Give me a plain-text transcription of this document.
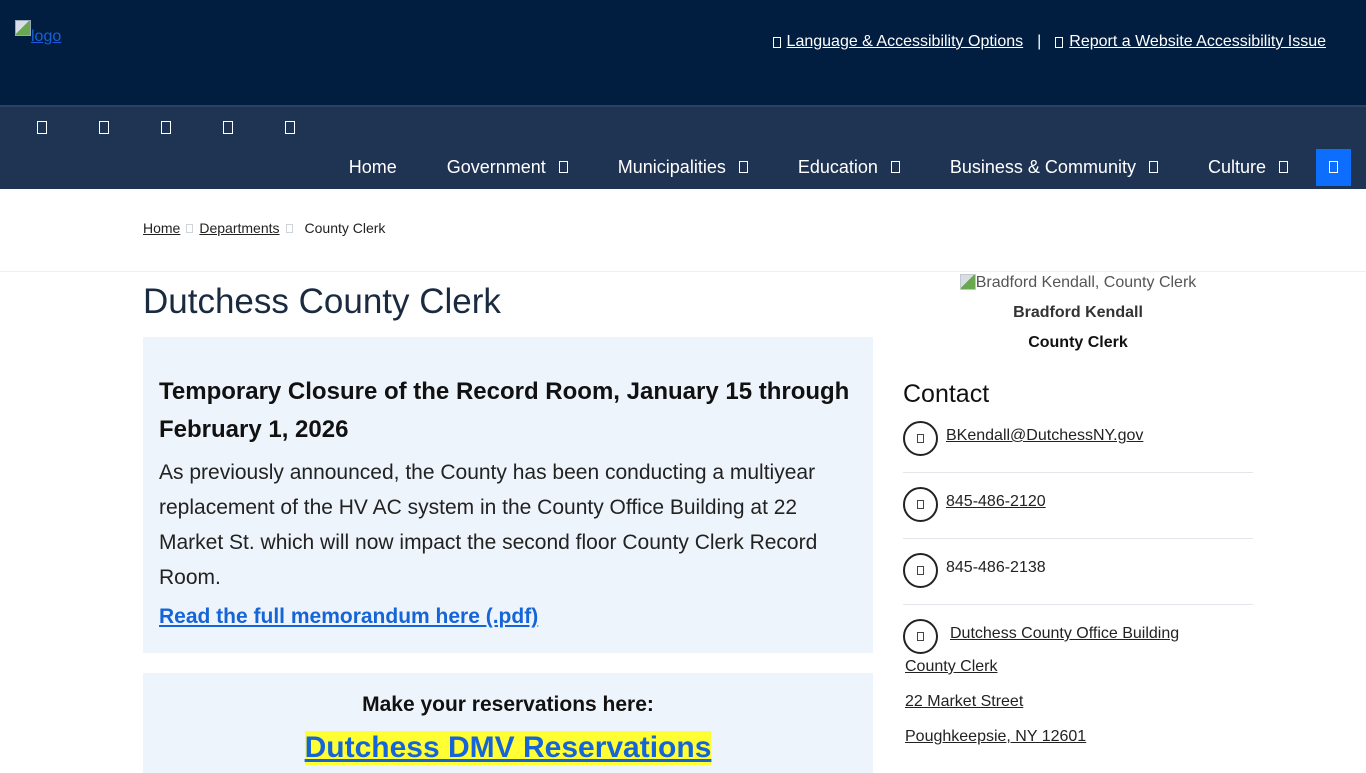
logo	Language & Accessibility Options | Report a Website Accessibility Issue
Home	Government	Municipalities	Education	Business & Community	Culture
Home Departments County Clerk
Dutchess County Clerk
Temporary Closure of the Record Room, January 15 through February 1, 2026

As previously announced, the County has been conducting a multiyear replacement of the HV AC system in the County Office Building at 22 Market St. which will now impact the second floor County Clerk Record Room.

Read the full memorandum here (.pdf)
Make your reservations here:
Dutchess DMV Reservations
Bradford Kendall, County Clerk
Bradford Kendall
County Clerk
Contact
BKendall@DutchessNY.gov
845-486-2120
845-486-2138
Dutchess County Office Building
County Clerk
22 Market Street
Poughkeepsie, NY 12601
